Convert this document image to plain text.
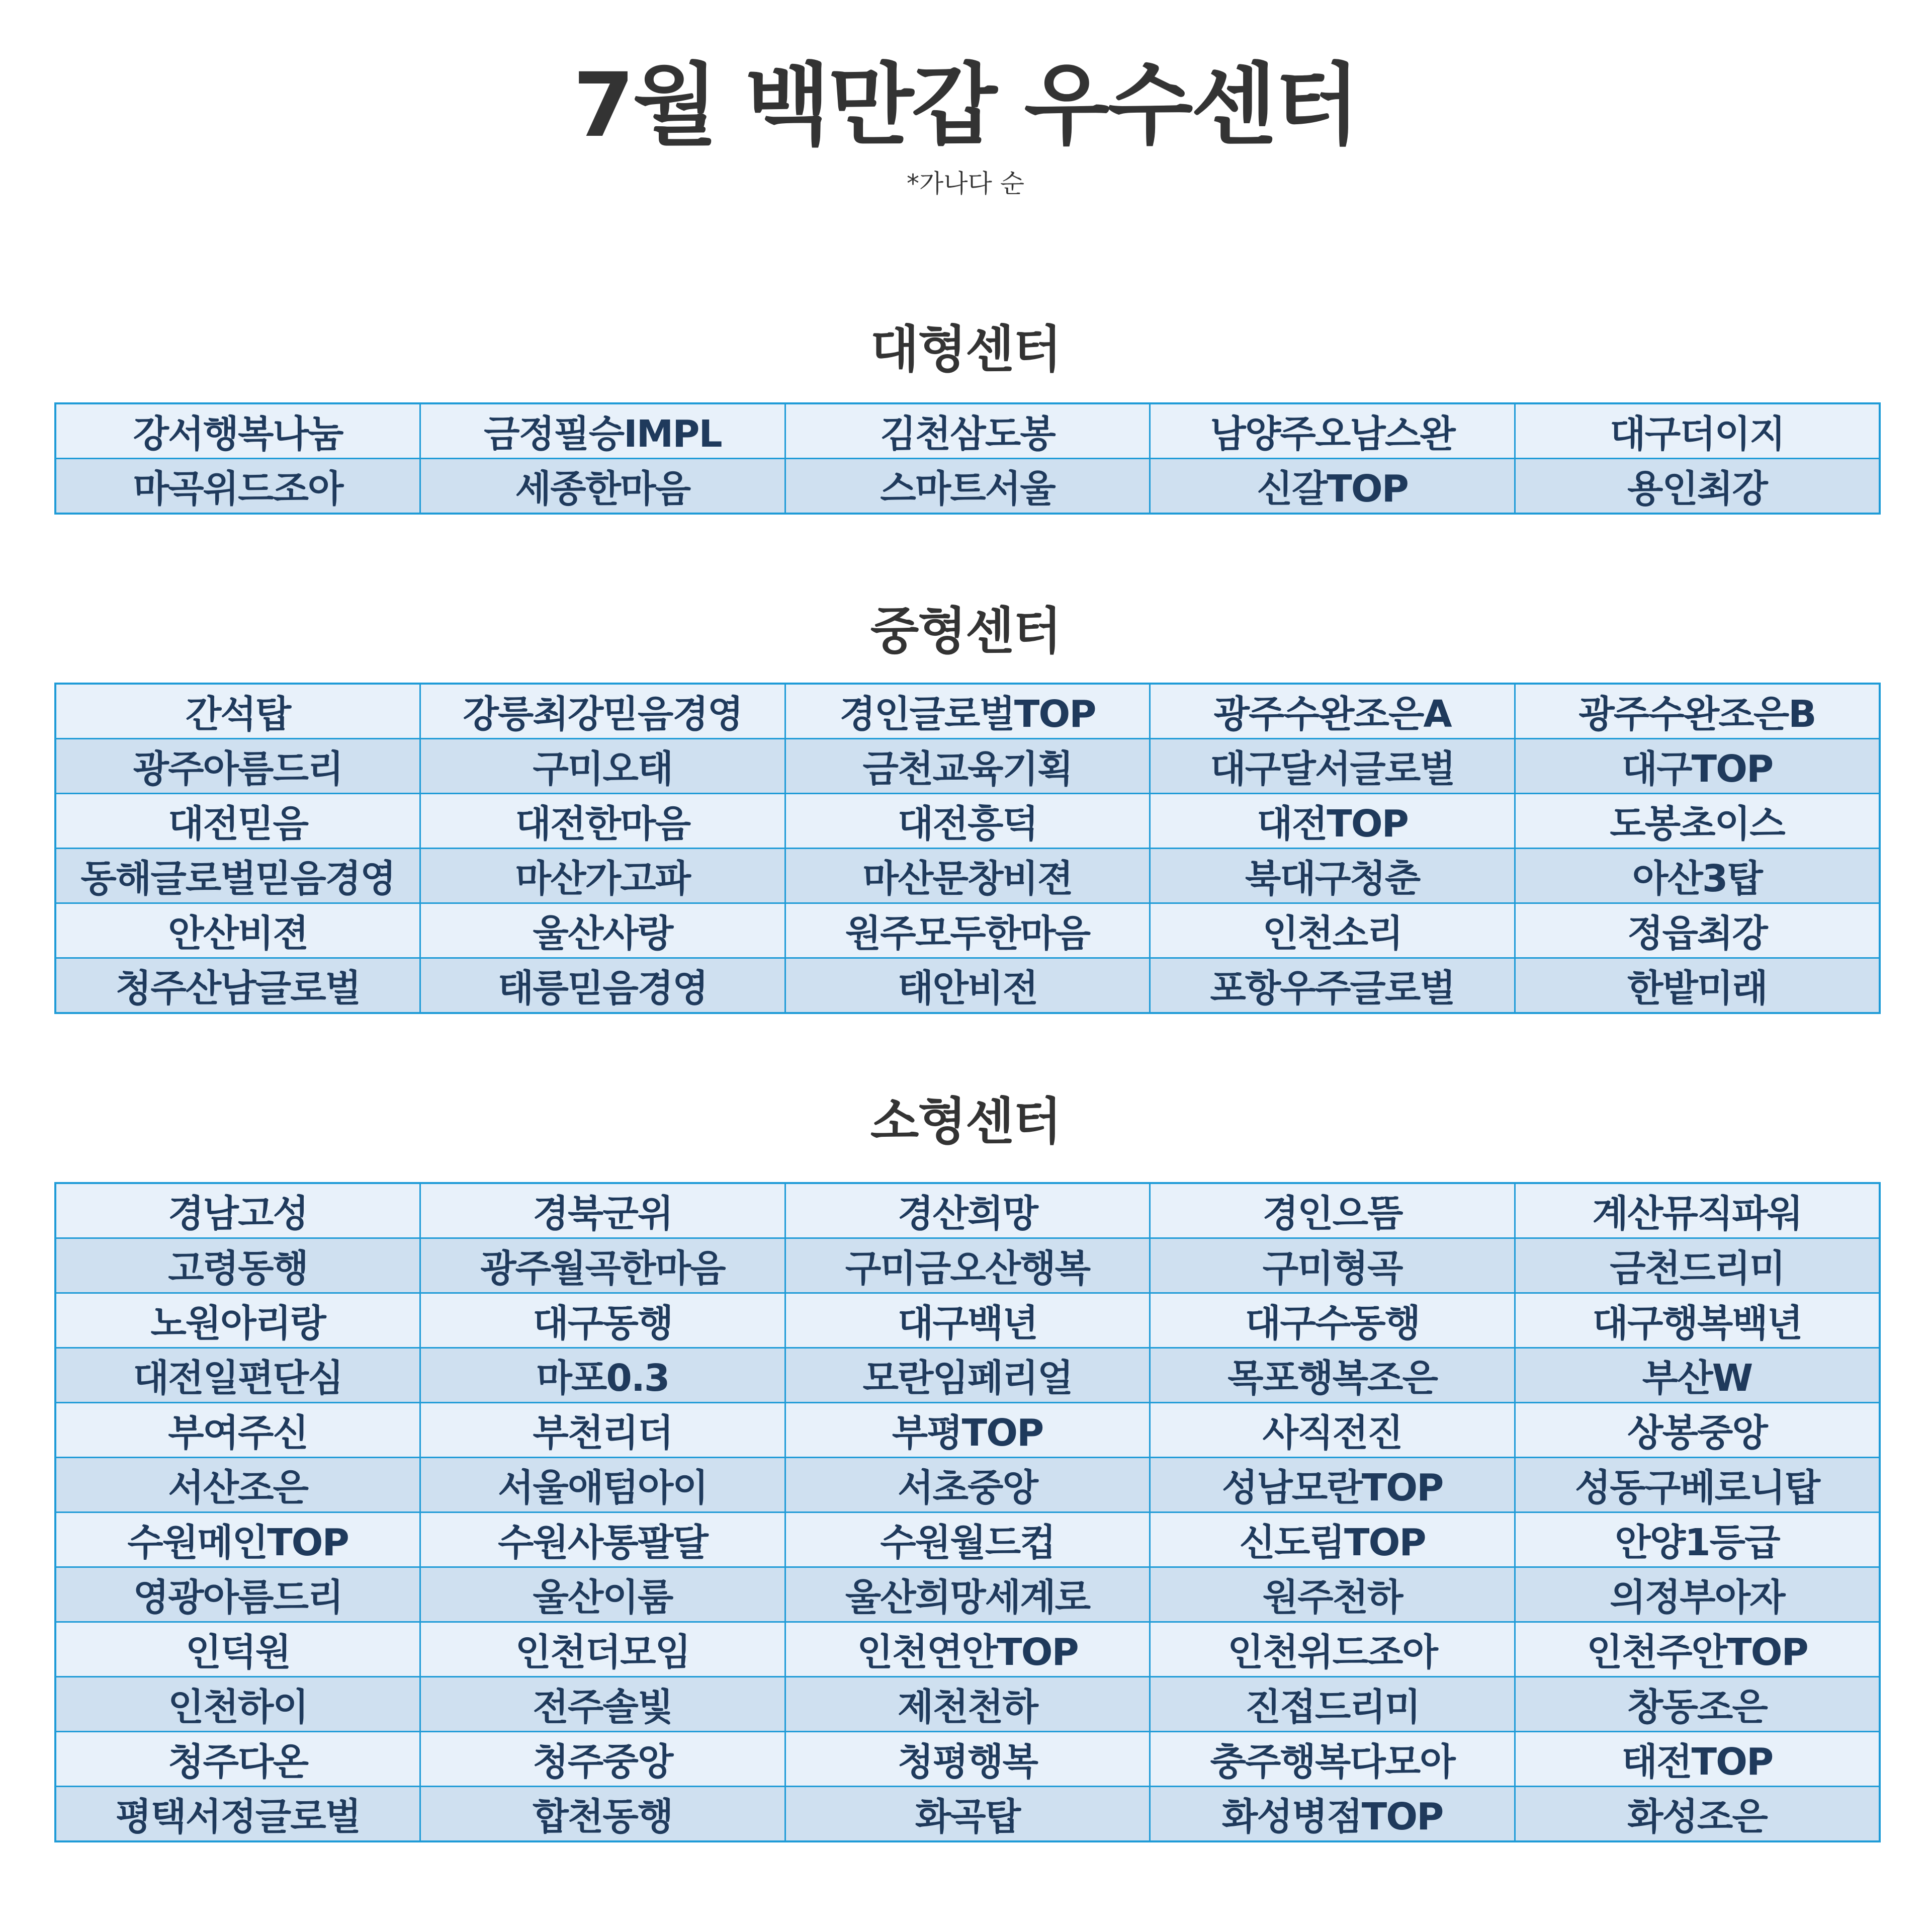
7월 백만갑 우수센터
*가나다 순
대형센터
강서행복나눔	금정필승IMPL	김천삼도봉	남양주오남스완	대구더이지
마곡위드조아	세종한마음	스마트서울	신갈TOP	용인최강
중형센터
간석탑	강릉최강믿음경영	경인글로벌TOP	광주수완조은A	광주수완조은B
광주아름드리	구미오태	금천교육기획	대구달서글로벌	대구TOP
대전믿음	대전한마음	대전흥덕	대전TOP	도봉초이스
동해글로벌믿음경영	마산가고파	마산문창비젼	북대구청춘	아산3탑
안산비젼	울산사랑	원주모두한마음	인천소리	정읍최강
청주산남글로벌	태릉믿음경영	태안비전	포항우주글로벌	한밭미래
소형센터
경남고성	경북군위	경산희망	경인으뜸	계산뮤직파워
고령동행	광주월곡한마음	구미금오산행복	구미형곡	금천드리미
노원아리랑	대구동행	대구백년	대구수동행	대구행복백년
대전일편단심	마포0.3	모란임페리얼	목포행복조은	부산W
부여주신	부천리더	부평TOP	사직전진	상봉중앙
서산조은	서울애텀아이	서초중앙	성남모란TOP	성동구베로니탑
수원메인TOP	수원사통팔달	수원월드컵	신도림TOP	안양1등급
영광아름드리	울산이룸	울산희망세계로	원주천하	의정부아자
인덕원	인천더모임	인천연안TOP	인천위드조아	인천주안TOP
인천하이	전주솔빛	제천천하	진접드리미	창동조은
청주다온	청주중앙	청평행복	충주행복다모아	태전TOP
평택서정글로벌	합천동행	화곡탑	화성병점TOP	화성조은
